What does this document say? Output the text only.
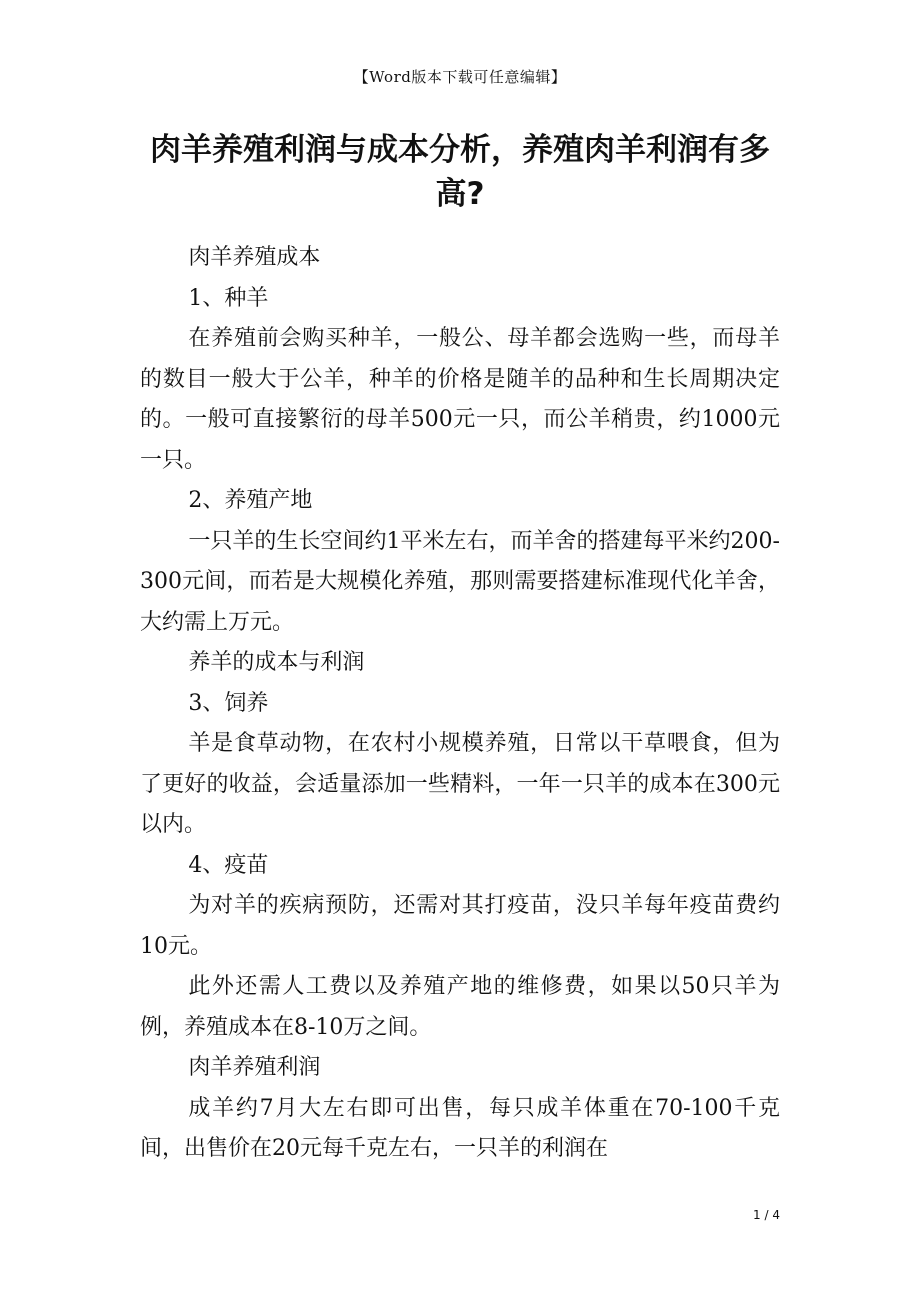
【Word版本下载可任意编辑】
肉羊养殖利润与成本分析，养殖肉羊利润有多高?

肉羊养殖成本

1、种羊

在养殖前会购买种羊，一般公、母羊都会选购一些，而母羊的数目一般大于公羊，种羊的价格是随羊的品种和生长周期决定的。一般可直接繁衍的母羊500元一只，而公羊稍贵，约1000元一只。

2、养殖产地

一只羊的生长空间约1平米左右，而羊舍的搭建每平米约200-300元间，而若是大规模化养殖，那则需要搭建标准现代化羊舍，大约需上万元。

养羊的成本与利润

3、饲养

羊是食草动物，在农村小规模养殖，日常以干草喂食，但为了更好的收益，会适量添加一些精料，一年一只羊的成本在300元以内。

4、疫苗

为对羊的疾病预防，还需对其打疫苗，没只羊每年疫苗费约10元。

此外还需人工费以及养殖产地的维修费，如果以50只羊为例，养殖成本在8-10万之间。

肉羊养殖利润

成羊约7月大左右即可出售，每只成羊体重在70-100千克间，出售价在20元每千克左右，一只羊的利润在

1 / 4
